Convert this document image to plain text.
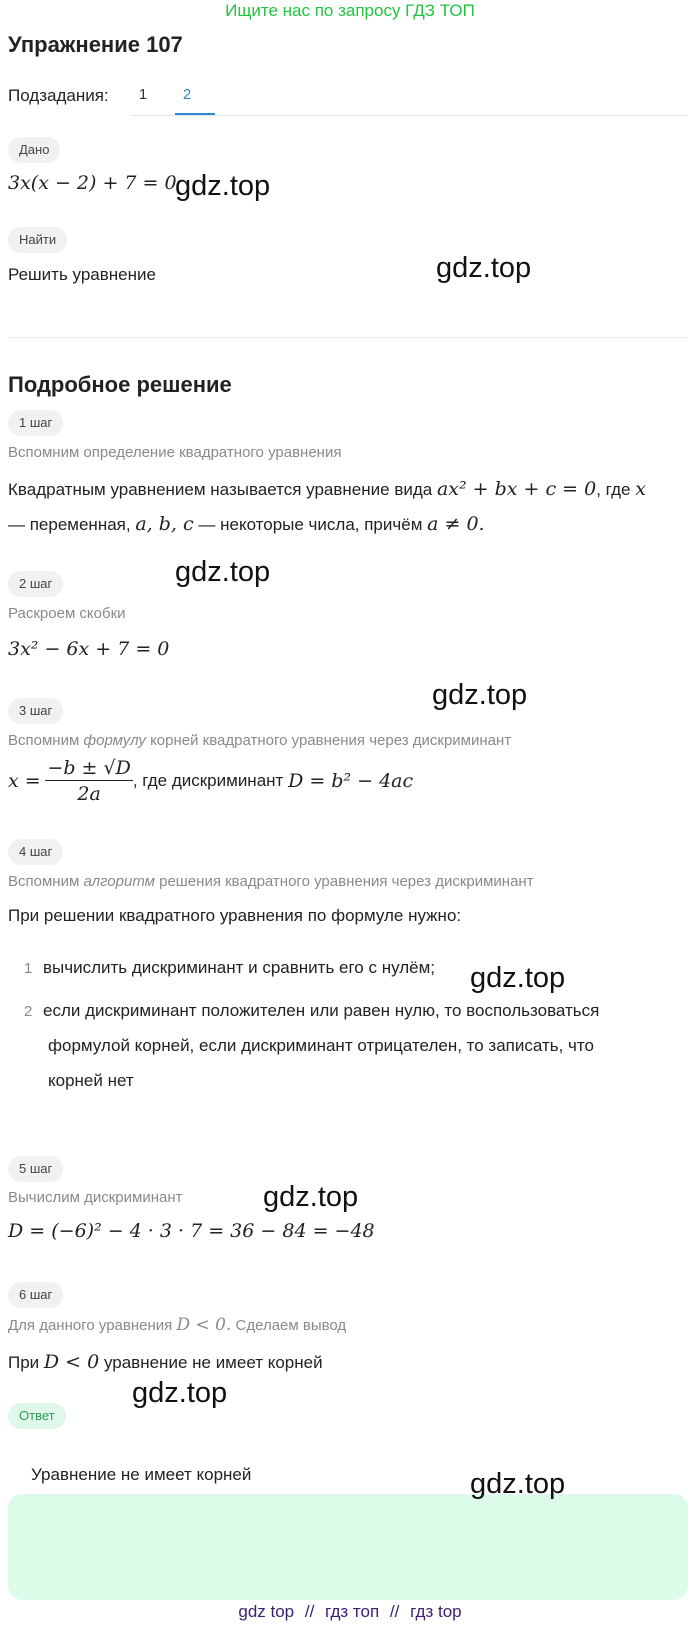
Ищите нас по запросу ГДЗ ТОП
Упражнение 107
Подзадания:	1	2
Дано
3x(x − 2) + 7 = 0
gdz.top
Найти
Решить уравнение	gdz.top
Подробное решение
1 шаг
Вспомним определение квадратного уравнения
Квадратным уравнением называется уравнение вида ax² + bx + c = 0, где x
— переменная, a, b, c — некоторые числа, причём a ≠ 0.
2 шаг	gdz.top
Раскроем скобки
3x² − 6x + 7 = 0
gdz.top
3 шаг
Вспомним формулу корней квадратного уравнения через дискриминант
$x = \frac{-b \pm √D}{2a}$ , где дискриминант D = b² − 4ac
4 шаг
Вспомним алгоритм решения квадратного уравнения через дискриминант
При решении квадратного уравнения по формуле нужно:
1 вычислить дискриминант и сравнить его с нулём; gdz.top
2 если дискриминант положителен или равен нулю, то воспользоваться
формулой корней, если дискриминант отрицателен, то записать, что
корней нет
5 шаг
Вычислим дискриминант	gdz.top
D = (−6)² − 4 · 3 · 7 = 36 − 84 = −48
6 шаг
Для данного уравнения D < 0. Сделаем вывод
При D < 0 уравнение не имеет корней
gdz.top
Ответ
Уравнение не имеет корней	gdz.top
gdz top // гдз топ // гдз top
